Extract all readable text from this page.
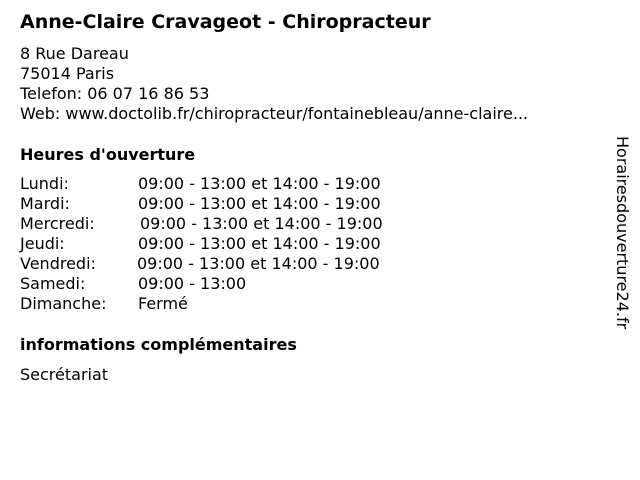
Anne-Claire Cravageot - Chiropracteur
8 Rue Dareau
75014 Paris
Telefon: 06 07 16 86 53
Web: www.doctolib.fr/chiropracteur/fontainebleau/anne-claire...
Heures d'ouverture
Lundi:	09:00 - 13:00 et 14:00 - 19:00
Mardi:	09:00 - 13:00 et 14:00 - 19:00
Mercredi:	09:00 - 13:00 et 14:00 - 19:00
Jeudi:	09:00 - 13:00 et 14:00 - 19:00
Vendredi:	09:00 - 13:00 et 14:00 - 19:00
Samedi:	09:00 - 13:00
Dimanche: Fermé
informations complémentaires
Secrétariat
Horairesdouverture24.fr
